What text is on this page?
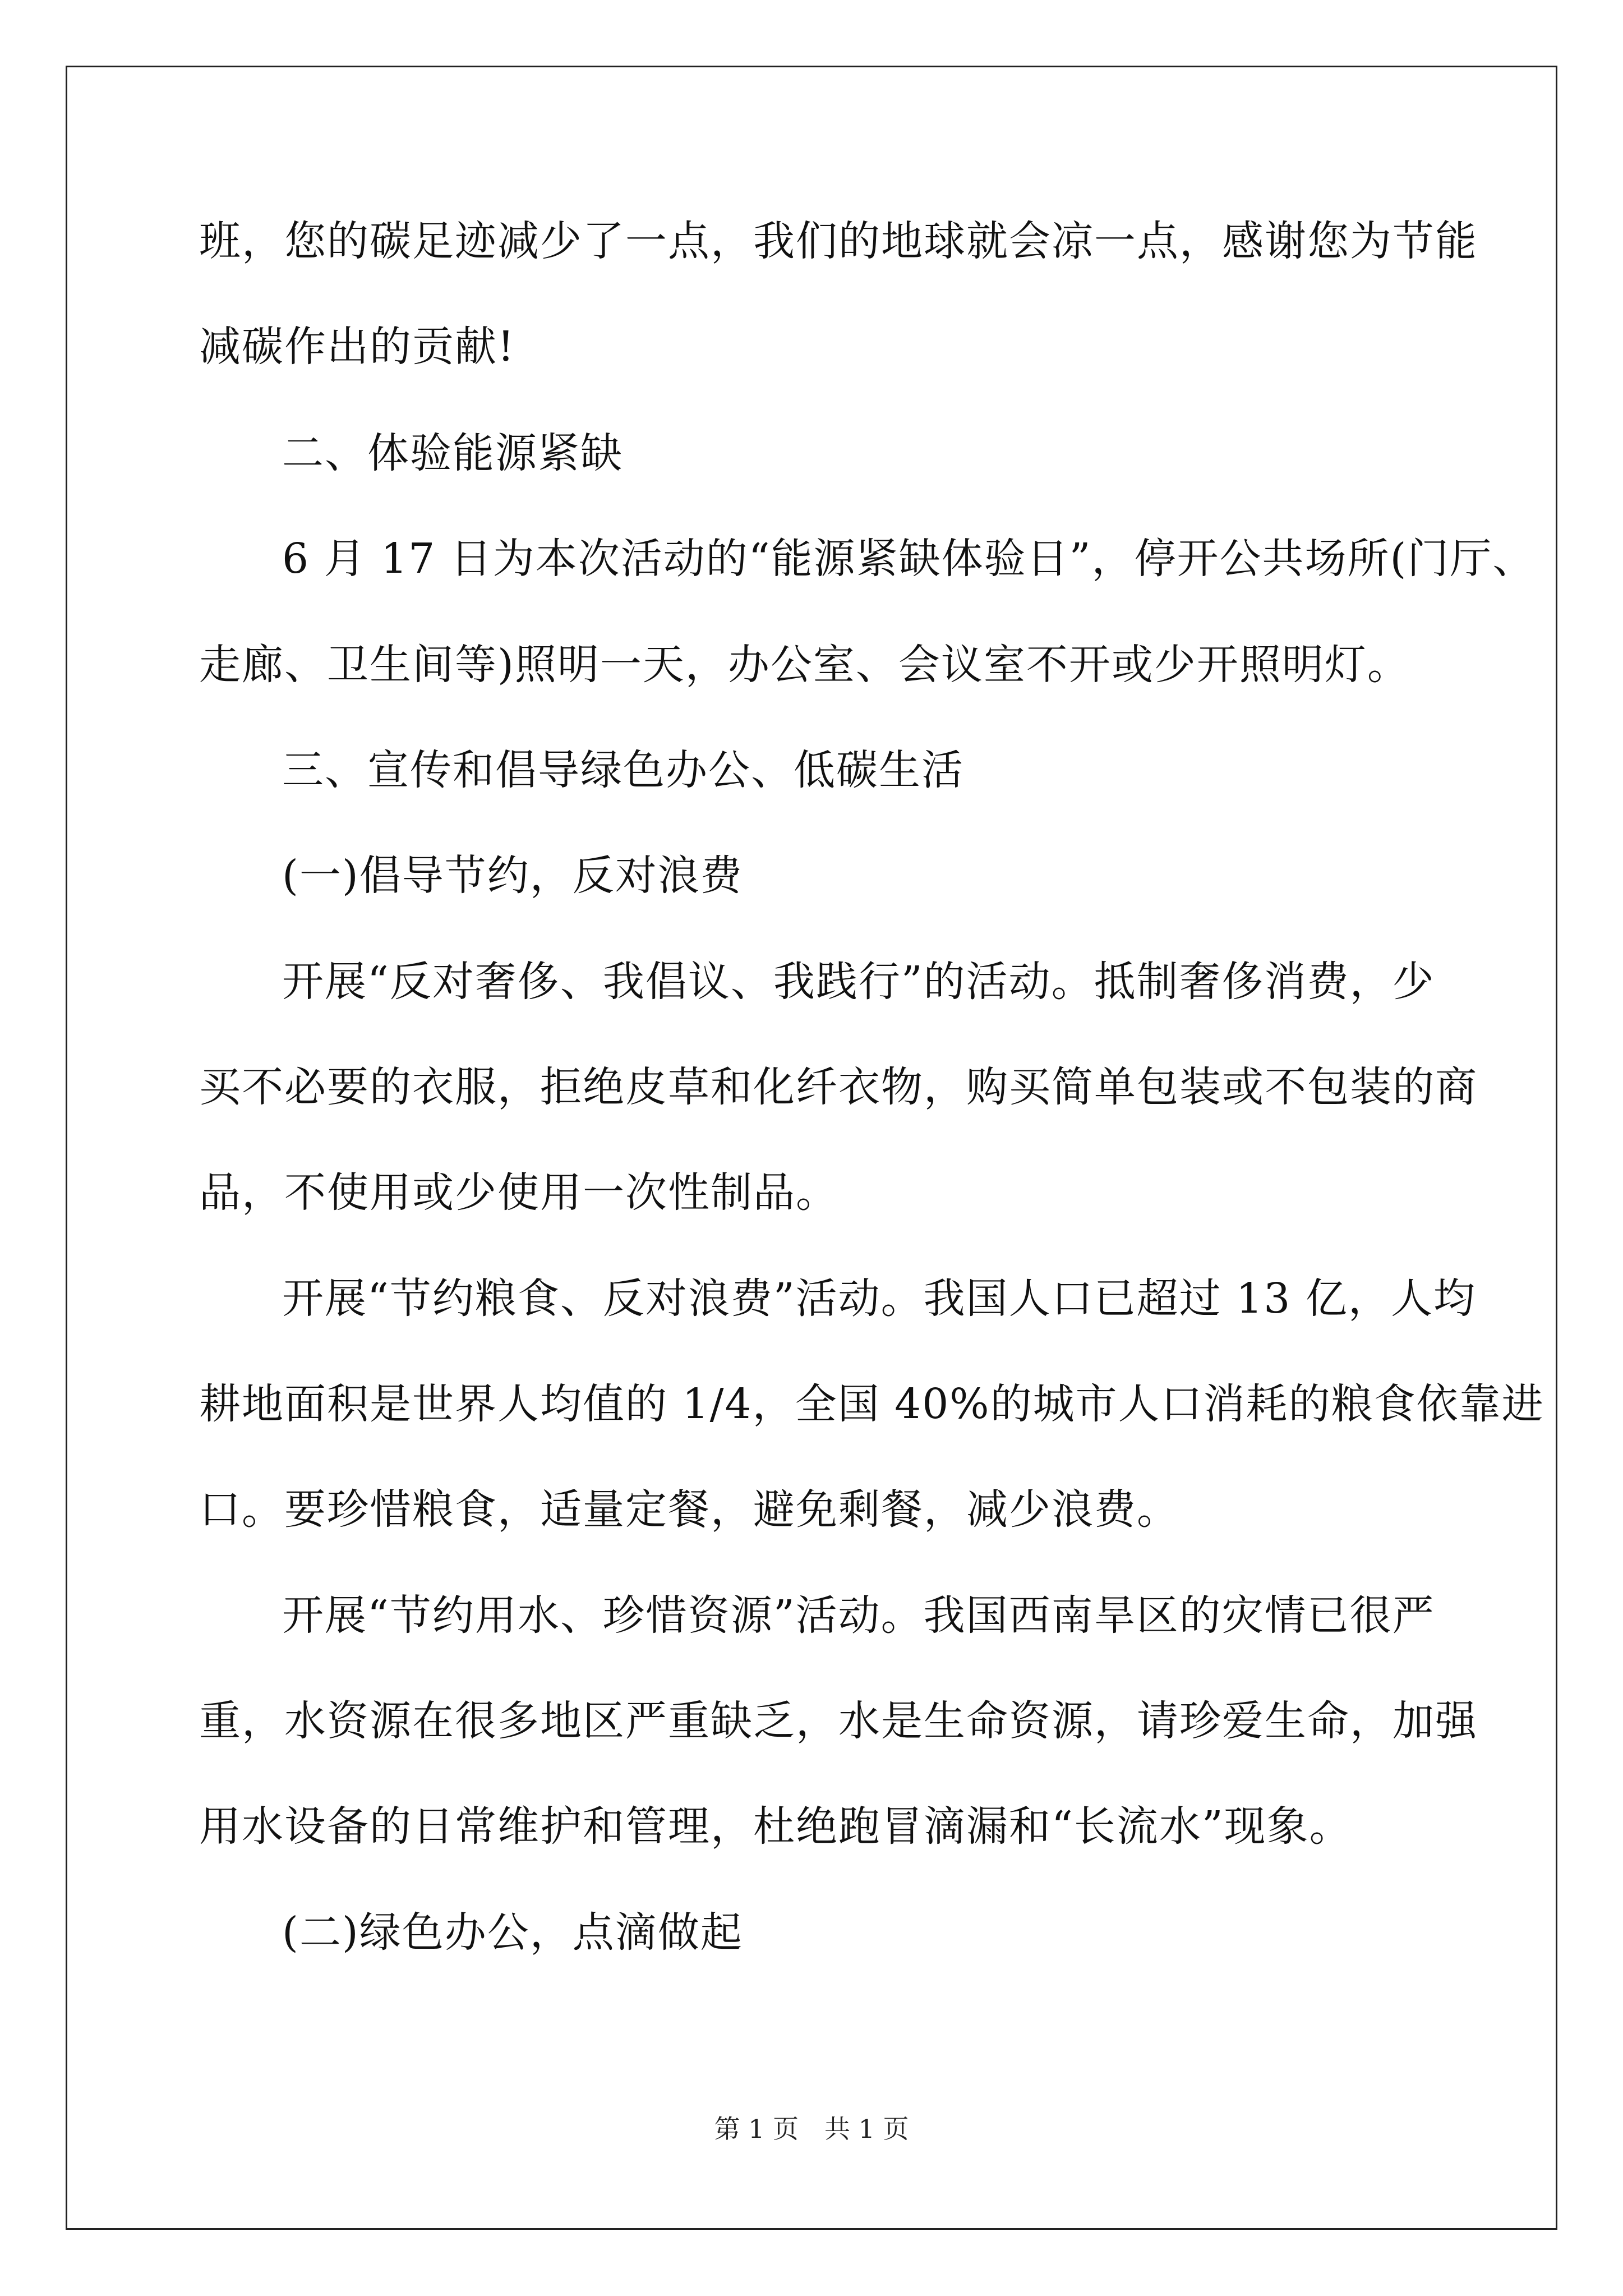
班，您的碳足迹减少了一点，我们的地球就会凉一点，感谢您为节能
减碳作出的贡献!
二、体验能源紧缺
6 月 17 日为本次活动的“能源紧缺体验日”，停开公共场所(门厅、
走廊、卫生间等)照明一天，办公室、会议室不开或少开照明灯。
三、宣传和倡导绿色办公、低碳生活
(一)倡导节约，反对浪费
开展“反对奢侈、我倡议、我践行”的活动。抵制奢侈消费，少
买不必要的衣服，拒绝皮草和化纤衣物，购买简单包装或不包装的商
品，不使用或少使用一次性制品。
开展“节约粮食、反对浪费”活动。我国人口已超过 13 亿，人均
耕地面积是世界人均值的 1/4，全国 40%的城市人口消耗的粮食依靠进
口。要珍惜粮食，适量定餐，避免剩餐，减少浪费。
开展“节约用水、珍惜资源”活动。我国西南旱区的灾情已很严
重，水资源在很多地区严重缺乏，水是生命资源，请珍爱生命，加强
用水设备的日常维护和管理，杜绝跑冒滴漏和“长流水”现象。
(二)绿色办公，点滴做起
第 1 页　共 1 页
